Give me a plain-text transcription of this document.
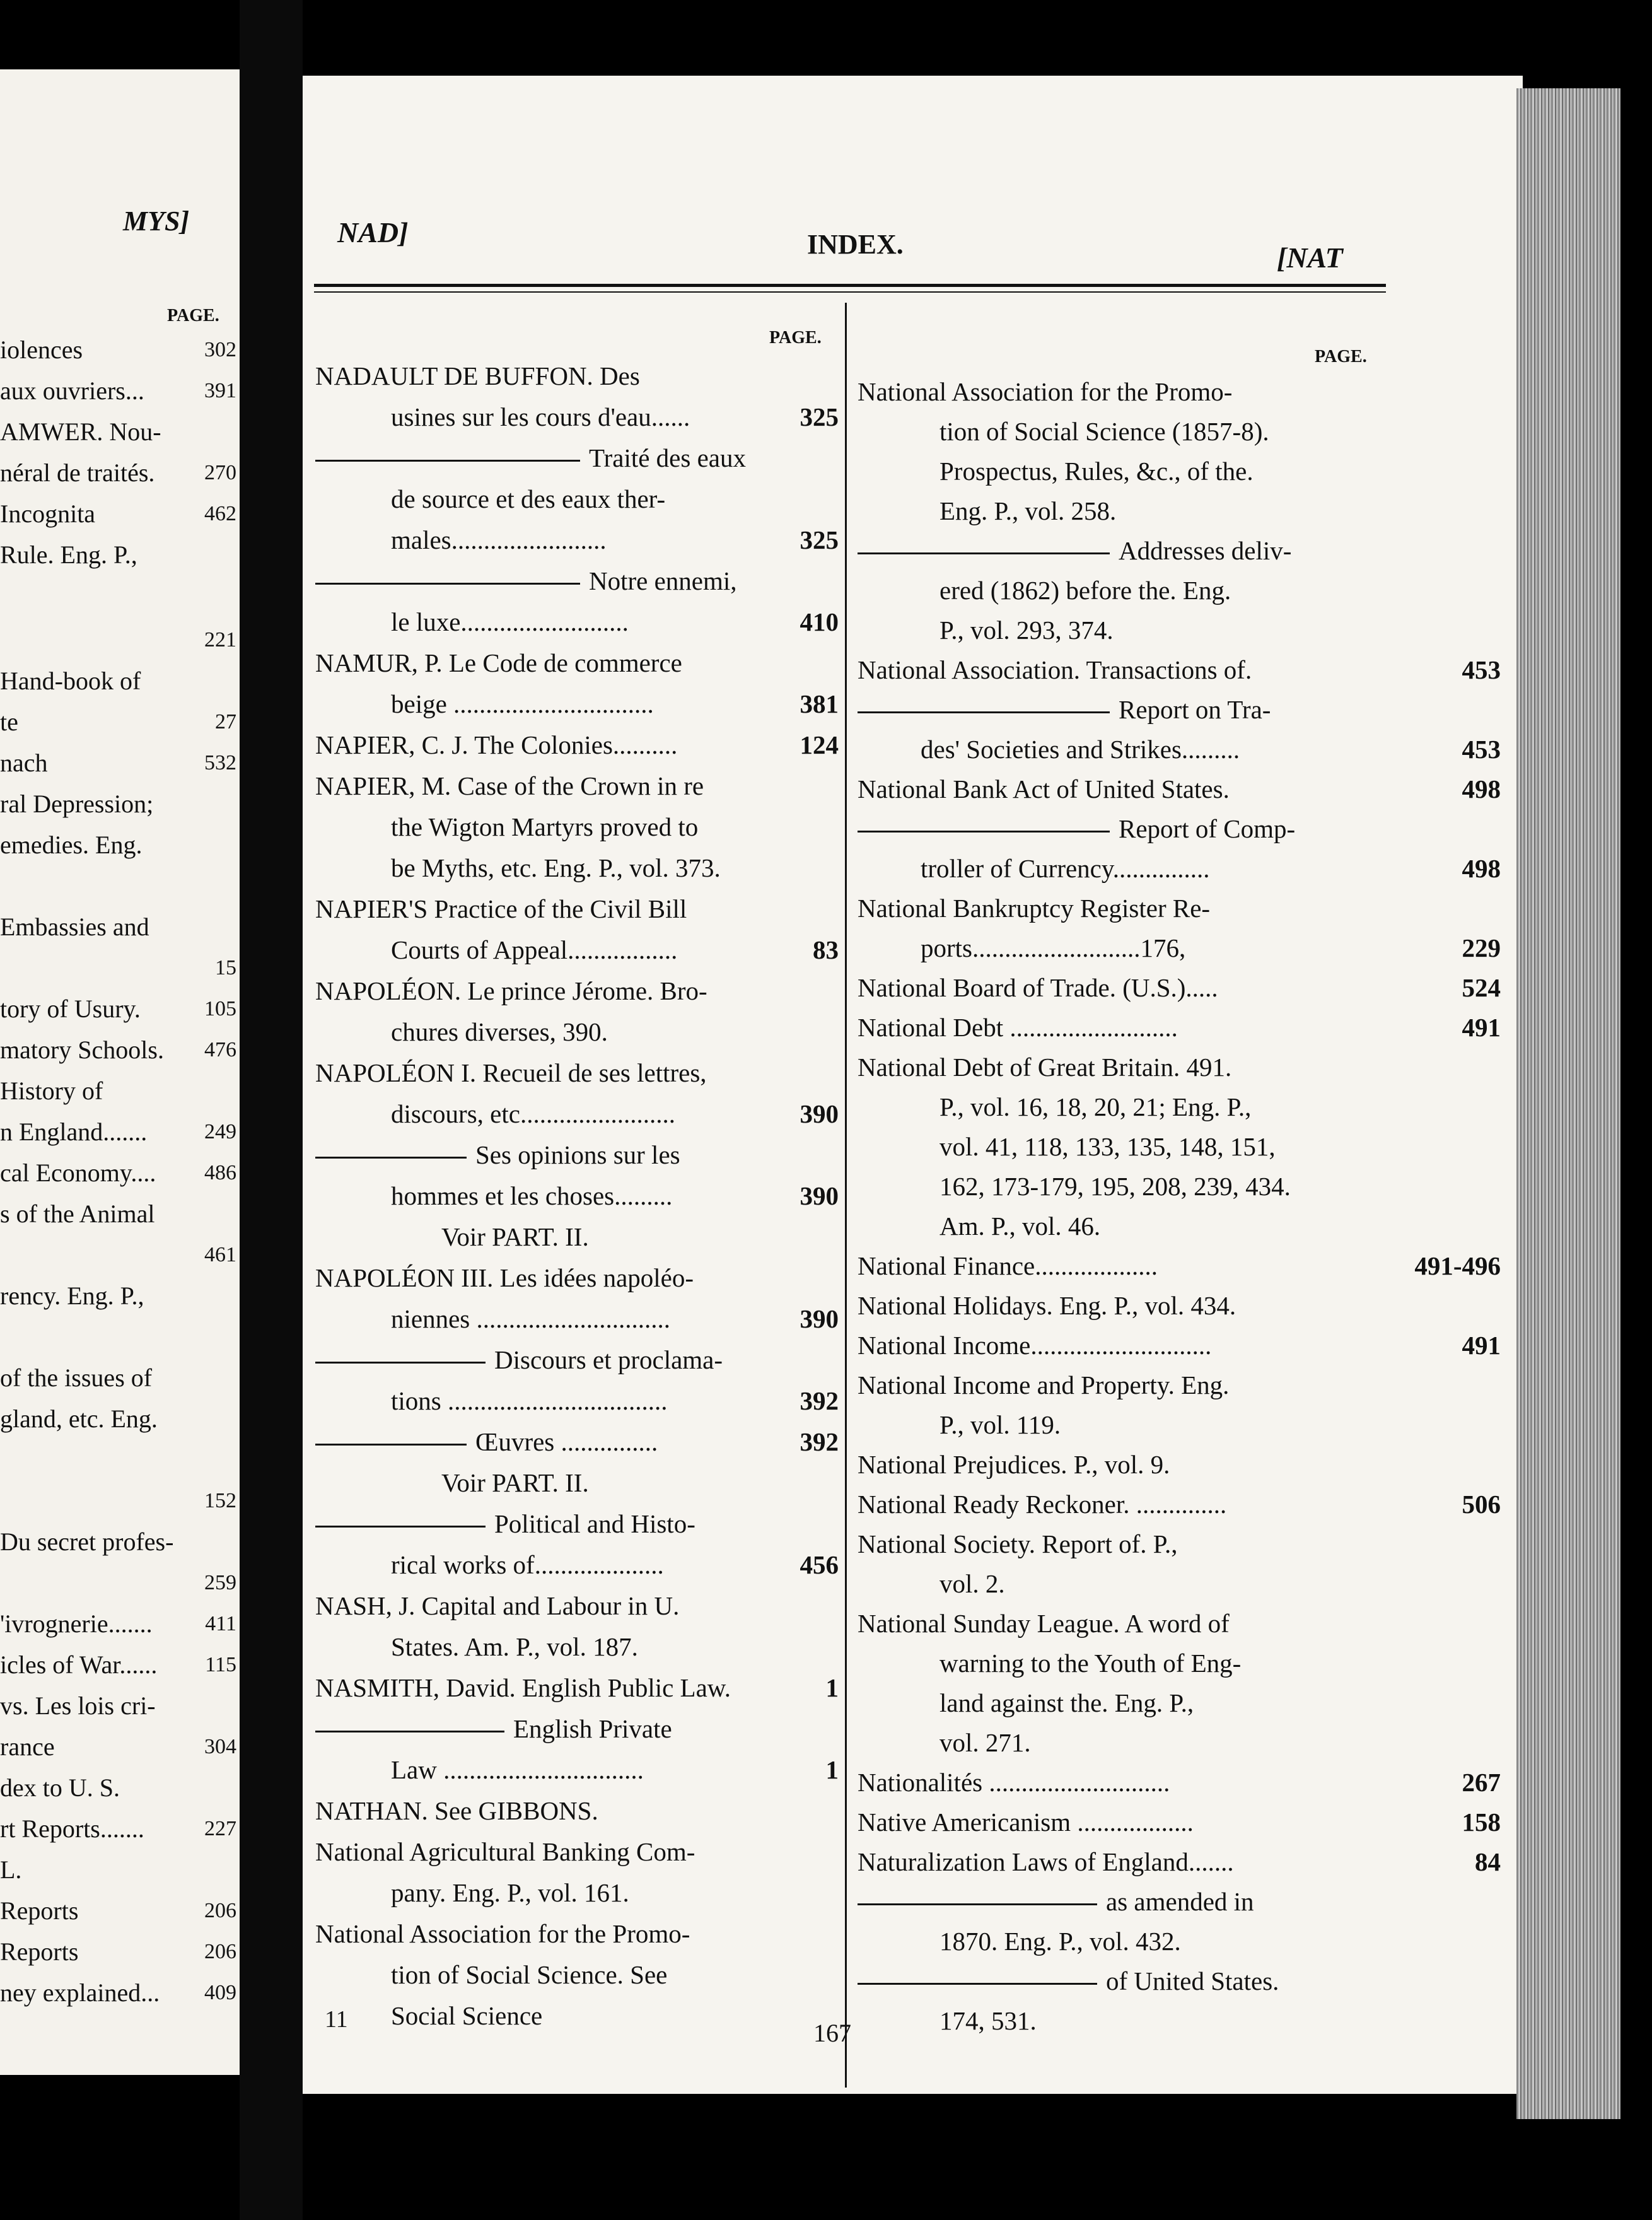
MYS]
PAGE.
iolences	302
aux ouvriers...	391
AMWER. Nou-
néral de traités. 270
Incognita	462
Rule. Eng. P.,
221
Hand-book of
te	27
nach	532
ral Depression;
emedies. Eng.
Embassies and
15
tory of Usury.	105
matory Schools. 476
History of
n England.......	249
cal Economy.... 486
s of the Animal
461
rency. Eng. P.,
of the issues of
gland, etc. Eng.
152
Du secret profes-
259
'ivrognerie....... 411
icles of War...... 115
vs. Les lois cri-
rance	304
dex to U. S.
rt Reports.......	227
L.
Reports	206
Reports	206
ney explained... 409
NAD]	INDEX.	[NAT
PAGE.
PAGE.
NADAULT DE BUFFON. Des
usines sur les cours d'eau......	325
Traité des eaux
de source et des eaux ther-
males........................	325
Notre ennemi,
le luxe..........................	410
NAMUR, P. Le Code de commerce
beige ...............................	381
NAPIER, C. J. The Colonies..........	124
NAPIER, M. Case of the Crown in re
the Wigton Martyrs proved to
be Myths, etc. Eng. P., vol. 373.
NAPIER'S Practice of the Civil Bill
Courts of Appeal.................	83
NAPOLÉON. Le prince Jérome. Bro-
chures diverses, 390.
NAPOLÉON I. Recueil de ses lettres,
discours, etc........................	390
Ses opinions sur les
hommes et les choses.........	390
Voir PART. II.
NAPOLÉON III. Les idées napoléo-
niennes ..............................	390
Discours et proclama-
tions ..................................	392
Œuvres ...............	392
Voir PART. II.
Political and Histo-
rical works of....................	456
NASH, J. Capital and Labour in U.
States. Am. P., vol. 187.
NASMITH, David. English Public Law.	1
English Private
Law ...............................	1
NATHAN. See GIBBONS.
National Agricultural Banking Com-
pany. Eng. P., vol. 161.
National Association for the Promo-
tion of Social Science. See
Social Science
National Association for the Promo-
tion of Social Science (1857-8).
Prospectus, Rules, &c., of the.
Eng. P., vol. 258.
Addresses deliv-
ered (1862) before the. Eng.
P., vol. 293, 374.
National Association. Transactions of.	453
Report on Tra-
des' Societies and Strikes.........	453
National Bank Act of United States.	498
Report of Comp-
troller of Currency...............	498
National Bankruptcy Register Re-
ports..........................176,	229
National Board of Trade. (U.S.).....	524
National Debt ..........................	491
National Debt of Great Britain. 491.
P., vol. 16, 18, 20, 21; Eng. P.,
vol. 41, 118, 133, 135, 148, 151,
162, 173-179, 195, 208, 239, 434.
Am. P., vol. 46.
National Finance...................	491-496
National Holidays. Eng. P., vol. 434.
National Income............................	491
National Income and Property. Eng.
P., vol. 119.
National Prejudices. P., vol. 9.
National Ready Reckoner. ..............	506
National Society. Report of. P.,
vol. 2.
National Sunday League. A word of
warning to the Youth of Eng-
land against the. Eng. P.,
vol. 271.
Nationalités ............................	267
Native Americanism ..................	158
Naturalization Laws of England.......	84
as amended in
1870. Eng. P., vol. 432.
of United States.
174, 531.
11	167
